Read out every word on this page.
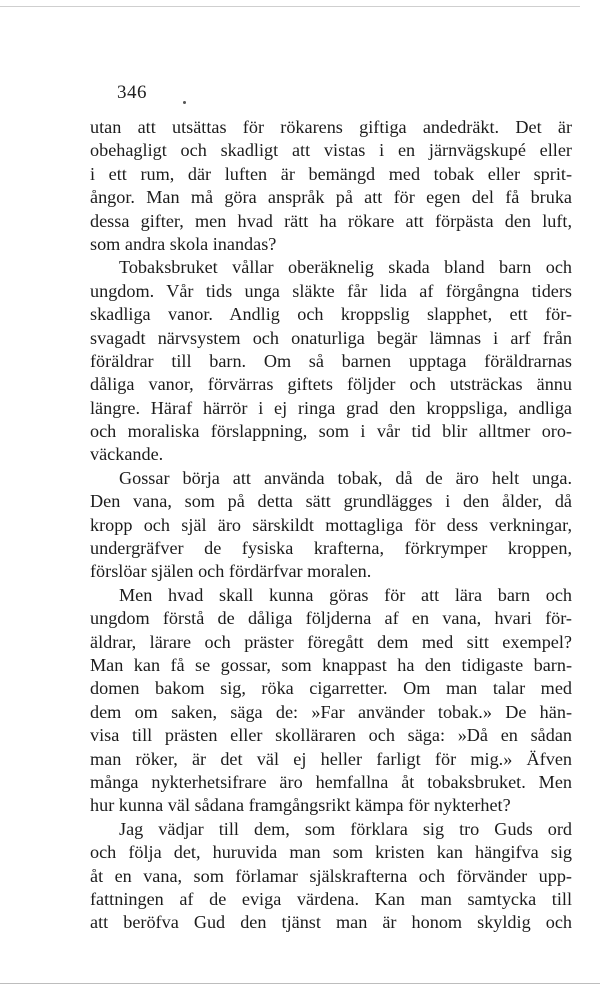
346
utan att utsättas för rökarens giftiga andedräkt. Det är
obehagligt och skadligt att vistas i en järnvägskupé eller
i ett rum, där luften är bemängd med tobak eller sprit-
ångor. Man må göra anspråk på att för egen del få bruka
dessa gifter, men hvad rätt ha rökare att förpästa den luft,
som andra skola inandas?
Tobaksbruket vållar oberäknelig skada bland barn och
ungdom. Vår tids unga släkte får lida af förgångna tiders
skadliga vanor. Andlig och kroppslig slapphet, ett för-
svagadt närvsystem och onaturliga begär lämnas i arf från
föräldrar till barn. Om så barnen upptaga föräldrarnas
dåliga vanor, förvärras giftets följder och utsträckas ännu
längre. Häraf härrör i ej ringa grad den kroppsliga, andliga
och moraliska förslappning, som i vår tid blir alltmer oro-
väckande.
Gossar börja att använda tobak, då de äro helt unga.
Den vana, som på detta sätt grundlägges i den ålder, då
kropp och själ äro särskildt mottagliga för dess verkningar,
undergräfver de fysiska krafterna, förkrymper kroppen,
förslöar själen och fördärfvar moralen.
Men hvad skall kunna göras för att lära barn och
ungdom förstå de dåliga följderna af en vana, hvari för-
äldrar, lärare och präster föregått dem med sitt exempel?
Man kan få se gossar, som knappast ha den tidigaste barn-
domen bakom sig, röka cigarretter. Om man talar med
dem om saken, säga de: »Far använder tobak.» De hän-
visa till prästen eller skolläraren och säga: »Då en sådan
man röker, är det väl ej heller farligt för mig.» Äfven
många nykterhetsifrare äro hemfallna åt tobaksbruket. Men
hur kunna väl sådana framgångsrikt kämpa för nykterhet?
Jag vädjar till dem, som förklara sig tro Guds ord
och följa det, huruvida man som kristen kan hängifva sig
åt en vana, som förlamar själskrafterna och förvänder upp-
fattningen af de eviga värdena. Kan man samtycka till
att beröfva Gud den tjänst man är honom skyldig och
